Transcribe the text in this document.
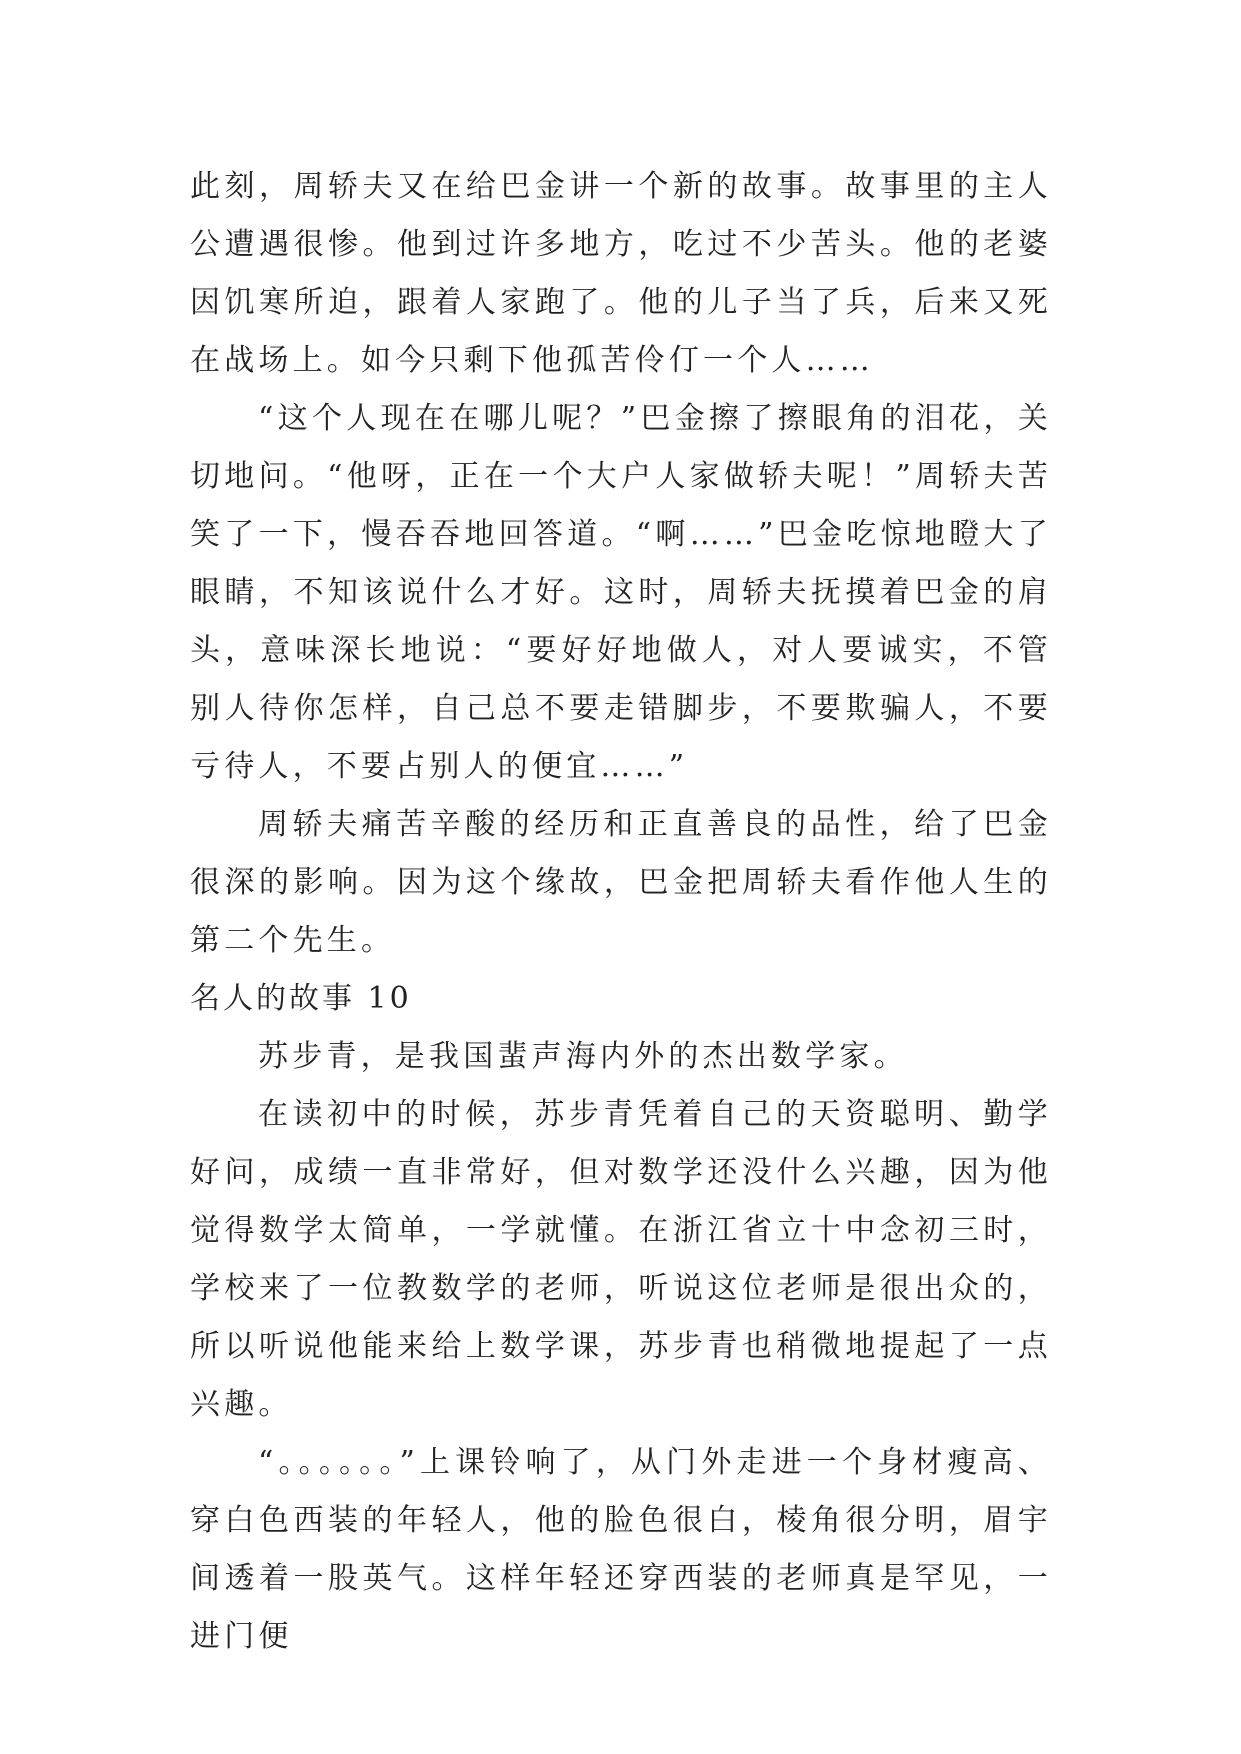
此刻，周轿夫又在给巴金讲一个新的故事。故事里的主人公遭遇很惨。他到过许多地方，吃过不少苦头。他的老婆因饥寒所迫，跟着人家跑了。他的儿子当了兵，后来又死在战场上。如今只剩下他孤苦伶仃一个人……

“这个人现在在哪儿呢？”巴金擦了擦眼角的泪花，关切地问。“他呀，正在一个大户人家做轿夫呢！”周轿夫苦笑了一下，慢吞吞地回答道。“啊……”巴金吃惊地瞪大了眼睛，不知该说什么才好。这时，周轿夫抚摸着巴金的肩头，意味深长地说：“要好好地做人，对人要诚实，不管别人待你怎样，自己总不要走错脚步，不要欺骗人，不要亏待人，不要占别人的便宜……”

周轿夫痛苦辛酸的经历和正直善良的品性，给了巴金很深的影响。因为这个缘故，巴金把周轿夫看作他人生的第二个先生。

名人的故事 10

苏步青，是我国蜚声海内外的杰出数学家。

在读初中的时候，苏步青凭着自己的天资聪明、勤学好问，成绩一直非常好，但对数学还没什么兴趣，因为他觉得数学太简单，一学就懂。在浙江省立十中念初三时，学校来了一位教数学的老师，听说这位老师是很出众的，所以听说他能来给上数学课，苏步青也稍微地提起了一点兴趣。

“。。。。。。”上课铃响了，从门外走进一个身材瘦高、穿白色西装的年轻人，他的脸色很白，棱角很分明，眉宇间透着一股英气。这样年轻还穿西装的老师真是罕见，一进门便
